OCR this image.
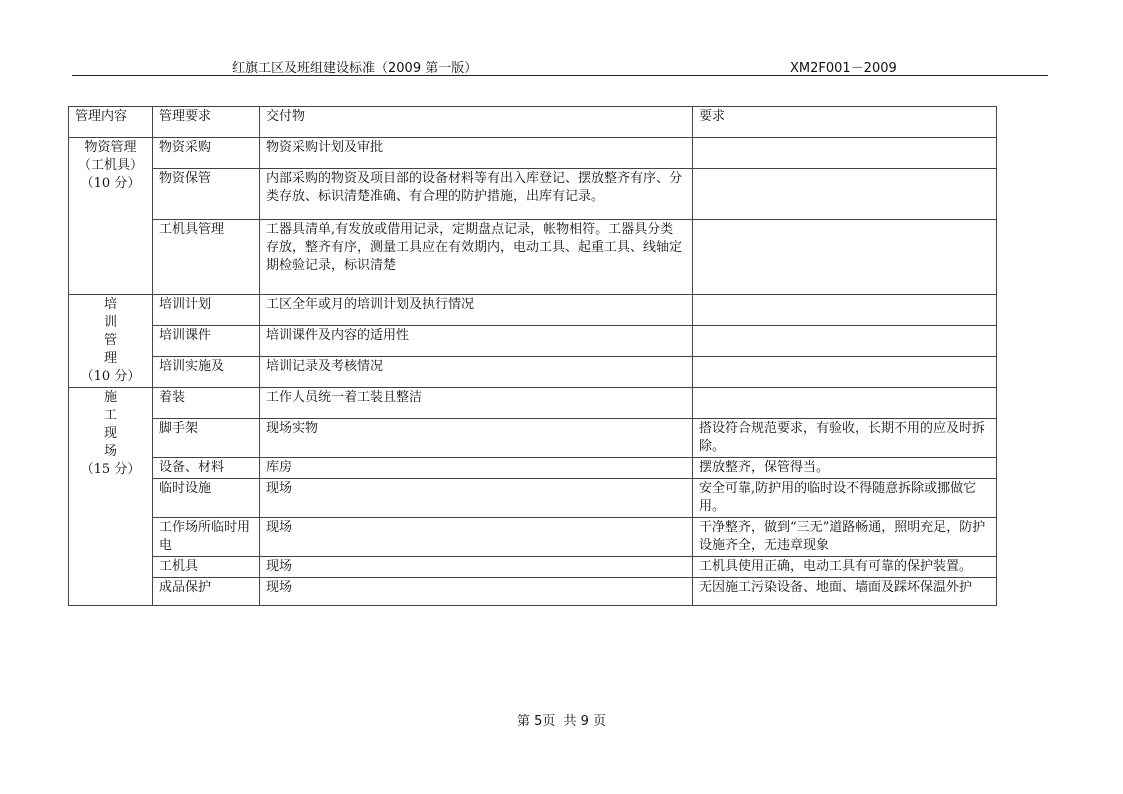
红旗工区及班组建设标准（2009 第一版）	XM2F001－2009
管理内容	管理要求	交付物	要求

物资管理
（工机具）
（10 分）	物资采购	物资采购计划及审批	
	物资保管	内部采购的物资及项目部的设备材料等有出入库登记、摆放整齐有序、分类存放、标识清楚准确、有合理的防护措施，出库有记录。	
	工机具管理	工器具清单,有发放或借用记录，定期盘点记录，帐物相符。工器具分类存放，整齐有序，测量工具应在有效期内，电动工具、起重工具、线轴定期检验记录，标识清楚	

培
训
管
理
（10 分）	培训计划	工区全年或月的培训计划及执行情况	
	培训课件	培训课件及内容的适用性	
	培训实施及	培训记录及考核情况	

施
工
现
场
（15 分）	着装	工作人员统一着工装且整洁	
	脚手架	现场实物	搭设符合规范要求，有验收，长期不用的应及时拆除。
	设备、材料	库房	摆放整齐，保管得当。
	临时设施	现场	安全可靠,防护用的临时设不得随意拆除或挪做它用。
	工作场所临时用电	现场	干净整齐，做到“三无”道路畅通，照明充足，防护设施齐全，无违章现象
	工机具	现场	工机具使用正确，电动工具有可靠的保护装置。
	成品保护	现场	无因施工污染设备、地面、墙面及踩坏保温外护
第 5页 共 9 页
